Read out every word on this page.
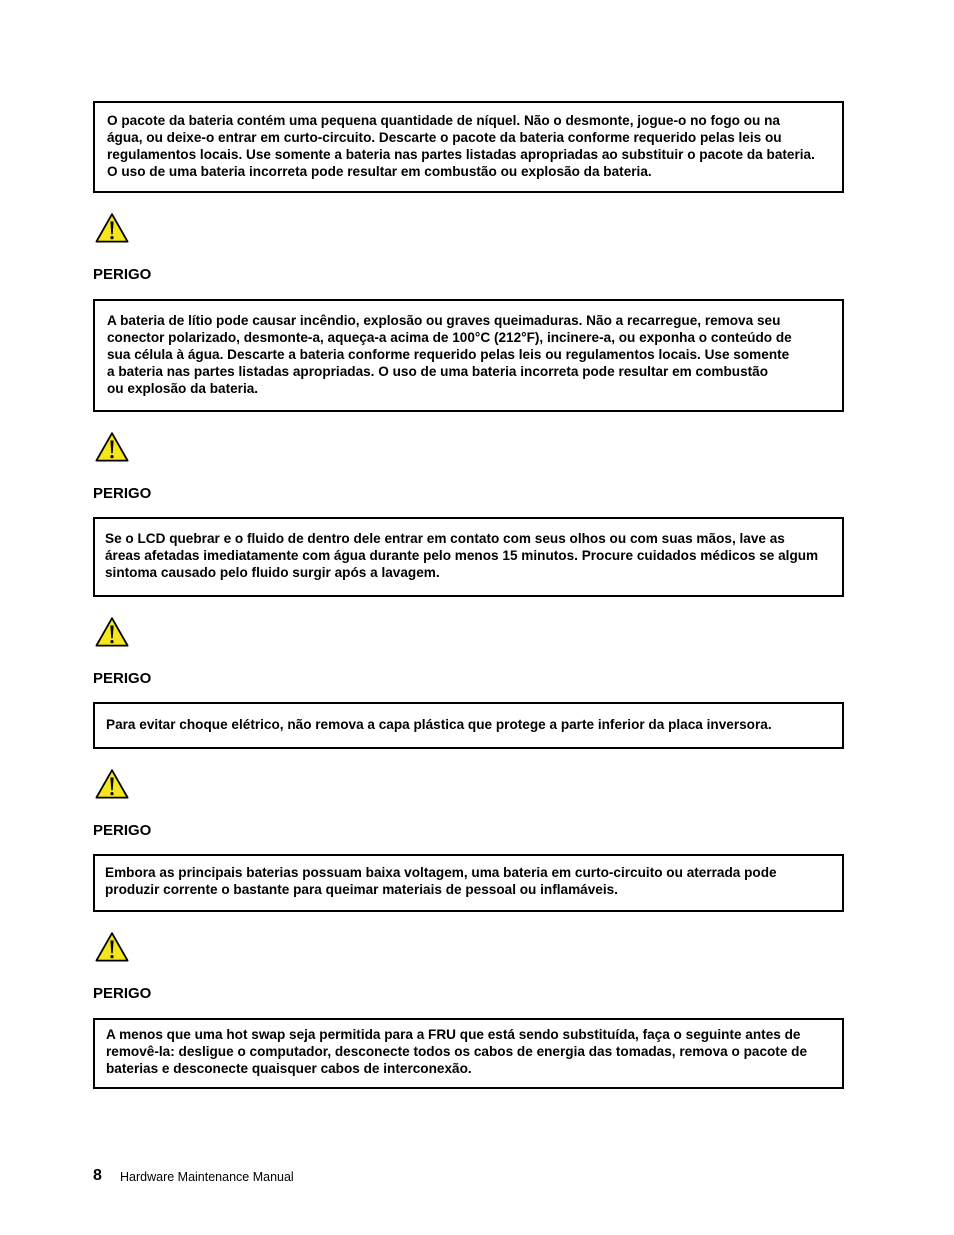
O pacote da bateria contém uma pequena quantidade de níquel. Não o desmonte, jogue-o no fogo ou na
água, ou deixe-o entrar em curto-circuito. Descarte o pacote da bateria conforme requerido pelas leis ou
regulamentos locais. Use somente a bateria nas partes listadas apropriadas ao substituir o pacote da bateria.
O uso de uma bateria incorreta pode resultar em combustão ou explosão da bateria.
PERIGO
A bateria de lítio pode causar incêndio, explosão ou graves queimaduras. Não a recarregue, remova seu
conector polarizado, desmonte-a, aqueça-a acima de 100°C (212°F), incinere-a, ou exponha o conteúdo de
sua célula à água. Descarte a bateria conforme requerido pelas leis ou regulamentos locais. Use somente
a bateria nas partes listadas apropriadas. O uso de uma bateria incorreta pode resultar em combustão
ou explosão da bateria.
PERIGO
Se o LCD quebrar e o fluido de dentro dele entrar em contato com seus olhos ou com suas mãos, lave as
áreas afetadas imediatamente com água durante pelo menos 15 minutos. Procure cuidados médicos se algum
sintoma causado pelo fluido surgir após a lavagem.
PERIGO
Para evitar choque elétrico, não remova a capa plástica que protege a parte inferior da placa inversora.
PERIGO
Embora as principais baterias possuam baixa voltagem, uma bateria em curto-circuito ou aterrada pode
produzir corrente o bastante para queimar materiais de pessoal ou inflamáveis.
PERIGO
A menos que uma hot swap seja permitida para a FRU que está sendo substituída, faça o seguinte antes de
removê-la: desligue o computador, desconecte todos os cabos de energia das tomadas, remova o pacote de
baterias e desconecte quaisquer cabos de interconexão.
8 Hardware Maintenance Manual
